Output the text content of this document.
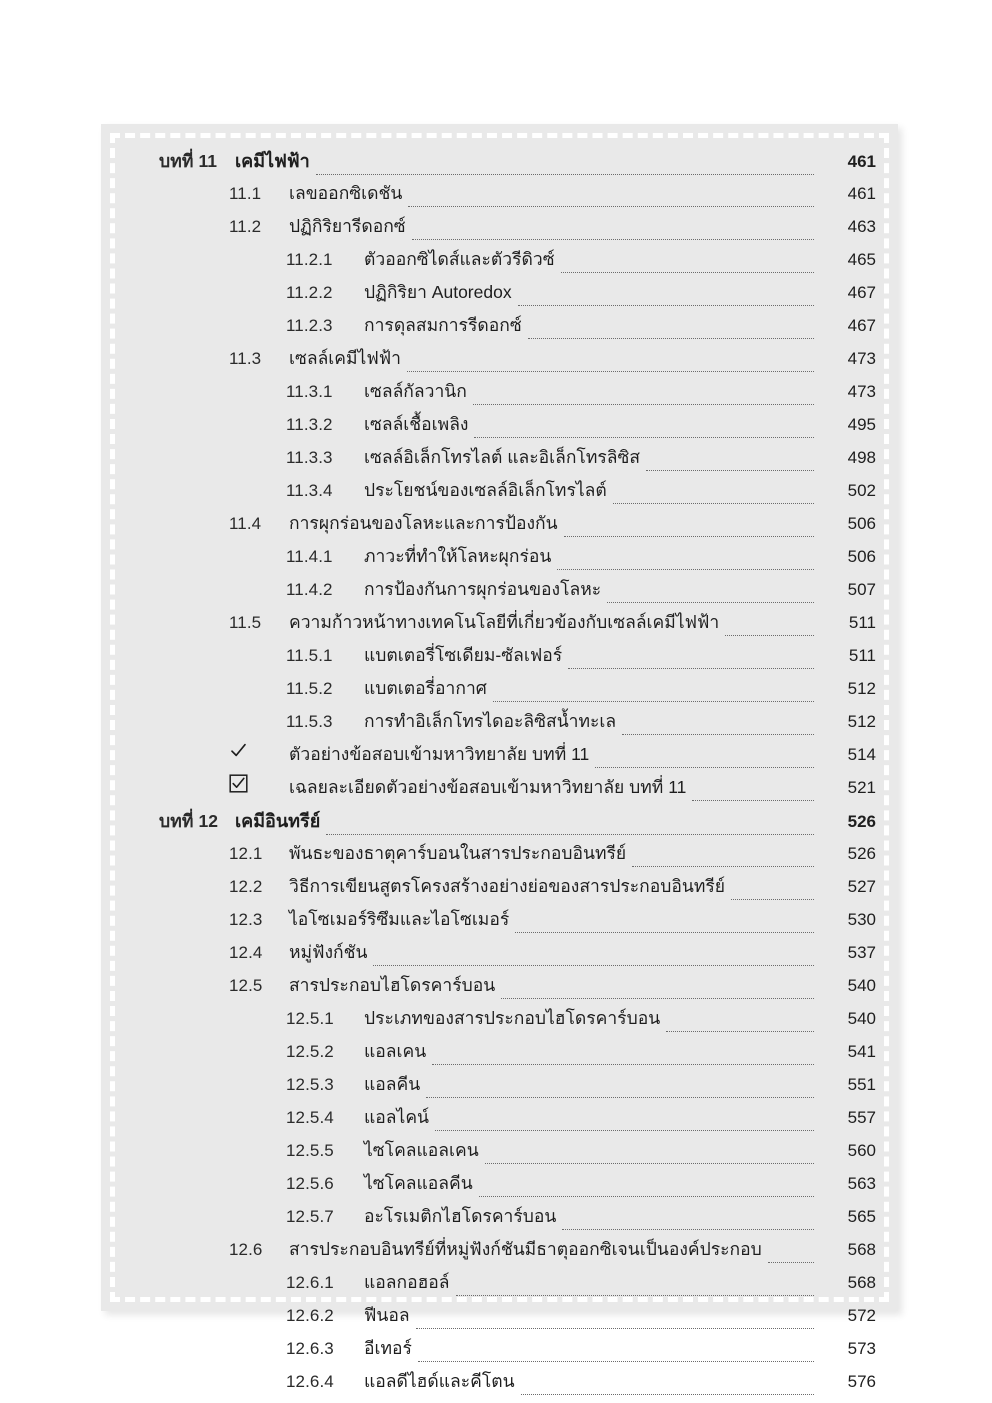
บทที่ 11 เคมีไฟฟ้า	461
11.1	เลขออกซิเดชัน	461
11.2	ปฏิกิริยารีดอกซ์	463
11.2.1	ตัวออกซิไดส์และตัวรีดิวซ์	465
11.2.2	ปฏิกิริยา Autoredox	467
11.2.3	การดุลสมการรีดอกซ์	467
11.3	เซลล์เคมีไฟฟ้า	473
11.3.1	เซลล์กัลวานิก	473
11.3.2	เซลล์เชื้อเพลิง	495
11.3.3	เซลล์อิเล็กโทรไลต์ และอิเล็กโทรลิซิส	498
11.3.4	ประโยชน์ของเซลล์อิเล็กโทรไลต์	502
11.4	การผุกร่อนของโลหะและการป้องกัน	506
11.4.1	ภาวะที่ทำให้โลหะผุกร่อน	506
11.4.2	การป้องกันการผุกร่อนของโลหะ	507
11.5	ความก้าวหน้าทางเทคโนโลยีที่เกี่ยวข้องกับเซลล์เคมีไฟฟ้า	511
11.5.1	แบตเตอรี่โซเดียม-ซัลเฟอร์	511
11.5.2	แบตเตอรี่อากาศ	512
11.5.3	การทำอิเล็กโทรไดอะลิซิสน้ำทะเล	512
ตัวอย่างข้อสอบเข้ามหาวิทยาลัย บทที่ 11	514
เฉลยละเอียดตัวอย่างข้อสอบเข้ามหาวิทยาลัย บทที่ 11	521
บทที่ 12 เคมีอินทรีย์	526
12.1	พันธะของธาตุคาร์บอนในสารประกอบอินทรีย์	526
12.2	วิธีการเขียนสูตรโครงสร้างอย่างย่อของสารประกอบอินทรีย์	527
12.3	ไอโซเมอร์ริซึมและไอโซเมอร์	530
12.4	หมู่ฟังก์ชัน	537
12.5	สารประกอบไฮโดรคาร์บอน	540
12.5.1	ประเภทของสารประกอบไฮโดรคาร์บอน	540
12.5.2	แอลเคน	541
12.5.3	แอลคีน	551
12.5.4	แอลไคน์	557
12.5.5	ไซโคลแอลเคน	560
12.5.6	ไซโคลแอลคีน	563
12.5.7	อะโรเมติกไฮโดรคาร์บอน	565
12.6	สารประกอบอินทรีย์ที่หมู่ฟังก์ชันมีธาตุออกซิเจนเป็นองค์ประกอบ	568
12.6.1	แอลกอฮอล์	568
12.6.2	ฟีนอล	572
12.6.3	อีเทอร์	573
12.6.4	แอลดีไฮด์และคีโตน	576
